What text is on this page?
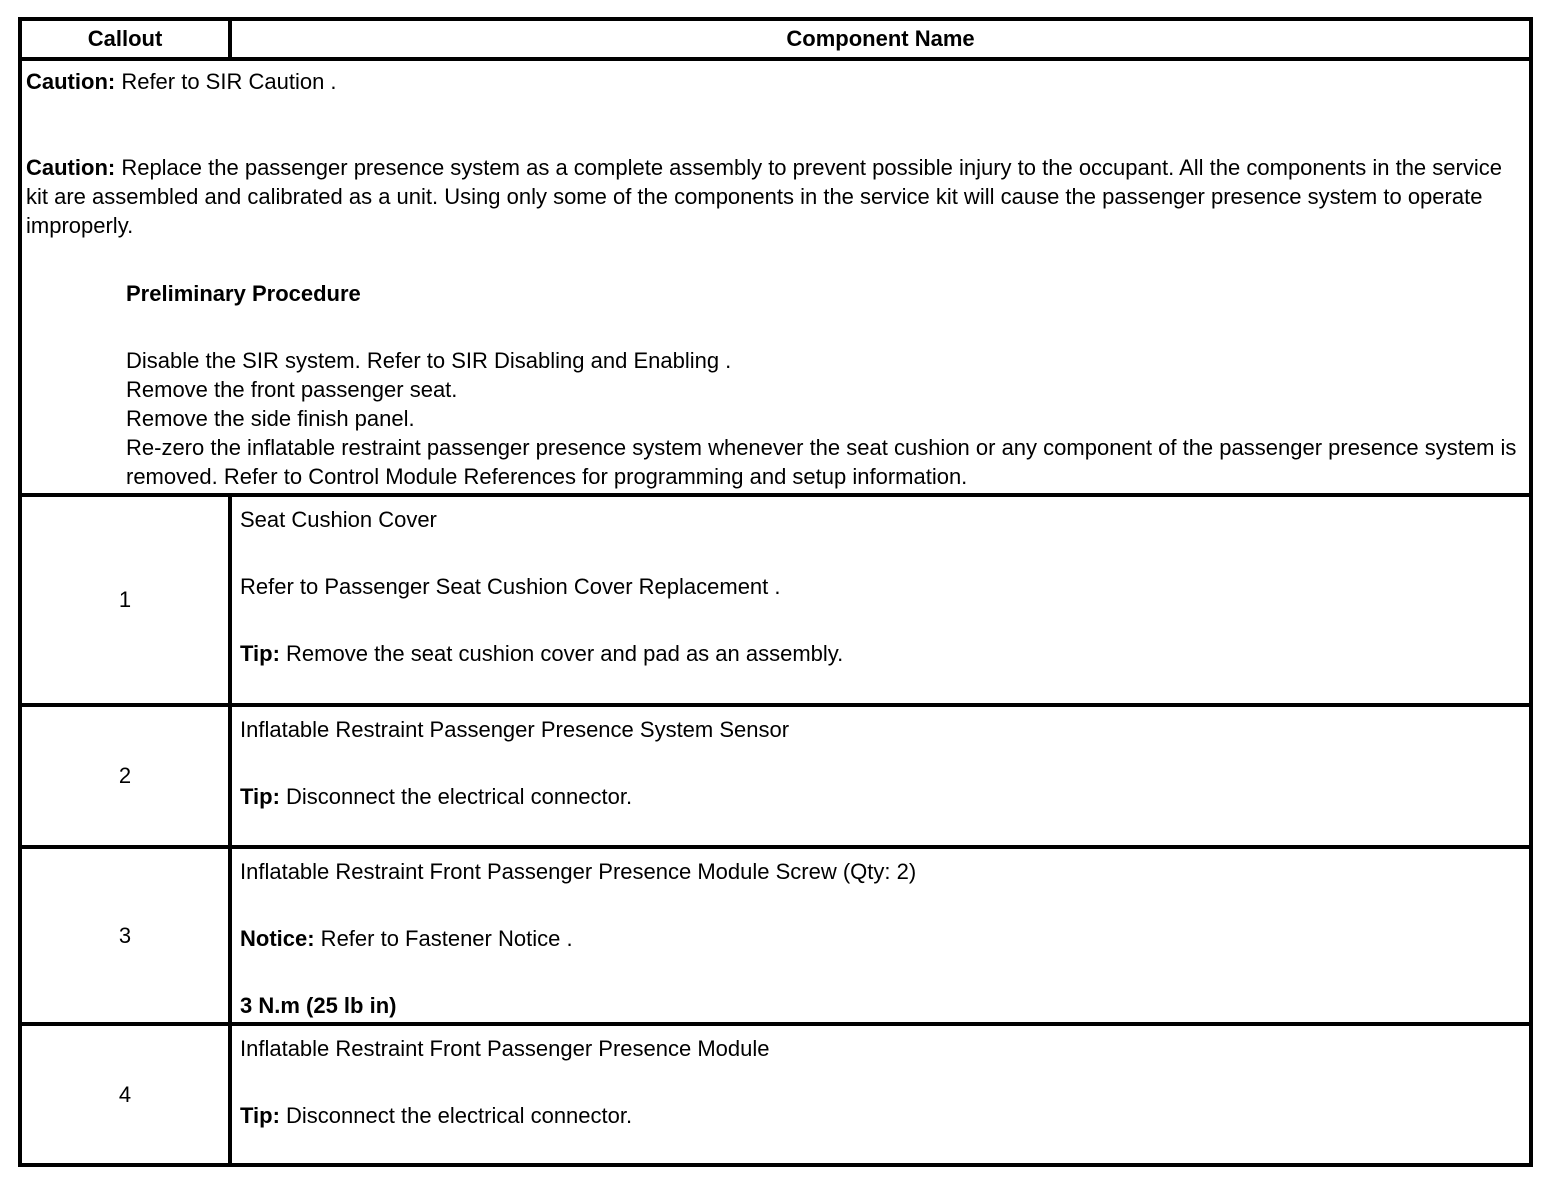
Callout	Component Name
Caution: Refer to SIR Caution .
Caution: Replace the passenger presence system as a complete assembly to prevent possible injury to the occupant. All the components in the service kit are assembled and calibrated as a unit. Using only some of the components in the service kit will cause the passenger presence system to operate improperly.
Preliminary Procedure
Disable the SIR system. Refer to SIR Disabling and Enabling .
Remove the front passenger seat.
Remove the side finish panel.
Re-zero the inflatable restraint passenger presence system whenever the seat cushion or any component of the passenger presence system is removed. Refer to Control Module References for programming and setup information.
1
Seat Cushion Cover
Refer to Passenger Seat Cushion Cover Replacement .
Tip: Remove the seat cushion cover and pad as an assembly.
2
Inflatable Restraint Passenger Presence System Sensor
Tip: Disconnect the electrical connector.
3
Inflatable Restraint Front Passenger Presence Module Screw (Qty: 2)
Notice: Refer to Fastener Notice .
3 N.m (25 lb in)
4
Inflatable Restraint Front Passenger Presence Module
Tip: Disconnect the electrical connector.
